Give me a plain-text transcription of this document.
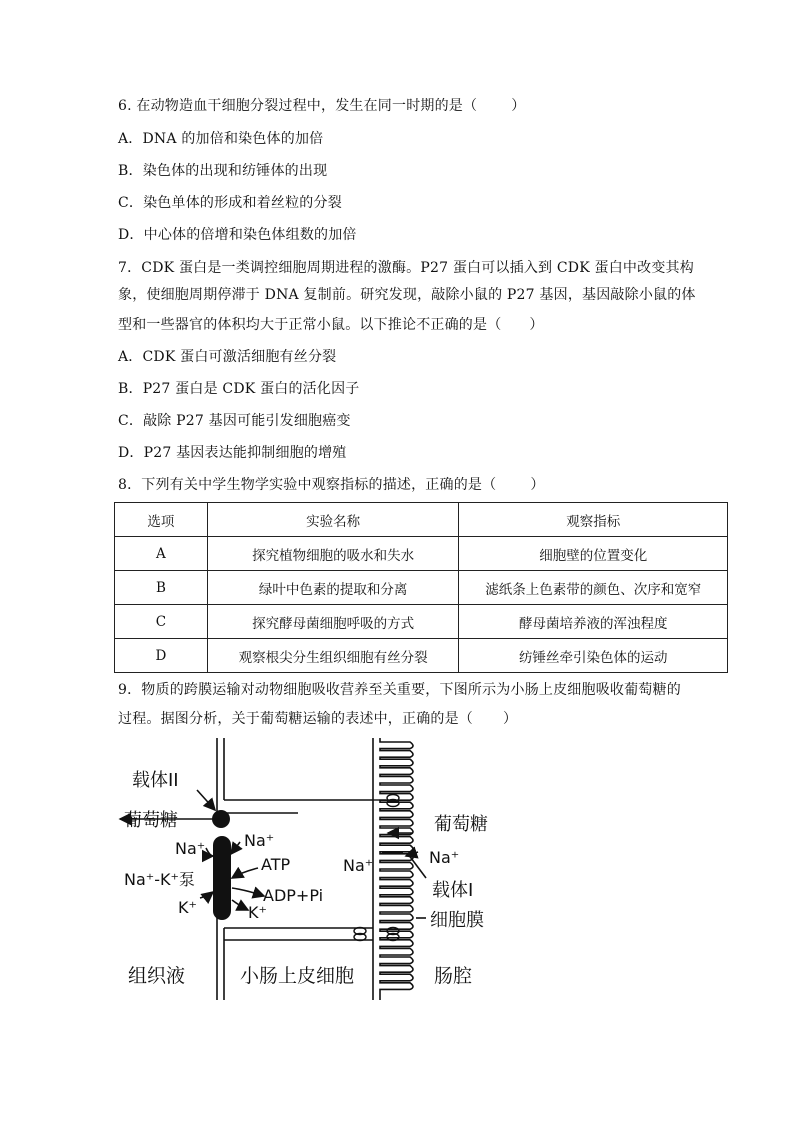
6. 在动物造血干细胞分裂过程中，发生在同一时期的是（ ）
A．DNA 的加倍和染色体的加倍
B．染色体的出现和纺锤体的出现
C．染色单体的形成和着丝粒的分裂
D．中心体的倍增和染色体组数的加倍
7．CDK 蛋白是一类调控细胞周期进程的激酶。P27 蛋白可以插入到 CDK 蛋白中改变其构
象，使细胞周期停滞于 DNA 复制前。研究发现，敲除小鼠的 P27 基因，基因敲除小鼠的体
型和一些器官的体积均大于正常小鼠。以下推论不正确的是（ ）
A．CDK 蛋白可激活细胞有丝分裂
B．P27 蛋白是 CDK 蛋白的活化因子
C．敲除 P27 基因可能引发细胞癌变
D．P27 基因表达能抑制细胞的增殖
8．下列有关中学生物学实验中观察指标的描述，正确的是（ ）
选项	实验名称	观察指标
A	探究植物细胞的吸水和失水	细胞壁的位置变化
B	绿叶中色素的提取和分离	滤纸条上色素带的颜色、次序和宽窄
C	探究酵母菌细胞呼吸的方式	酵母菌培养液的浑浊程度
D	观察根尖分生组织细胞有丝分裂	纺锤丝牵引染色体的运动
9．物质的跨膜运输对动物细胞吸收营养至关重要，下图所示为小肠上皮细胞吸收葡萄糖的
过程。据图分析，关于葡萄糖运输的表述中，正确的是（ ）
载体II
葡萄糖
Na⁺ Na⁺
ATP
Na⁺-K⁺泵
ADP+Pi
K⁺	K⁺
葡萄糖
Na⁺	Na⁺
载体I
细胞膜
组织液	小肠上皮细胞	肠腔
